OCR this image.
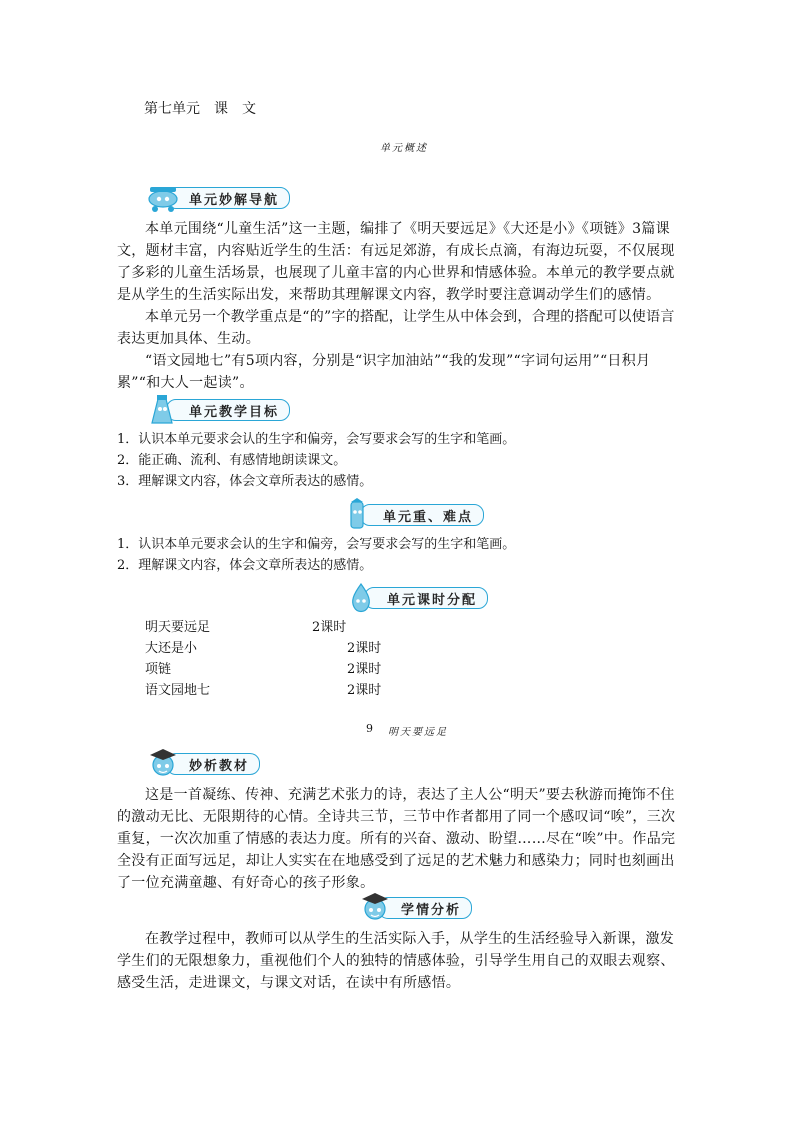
第七单元　课　文
单元概述
单元妙解导航
本单元围绕“儿童生活”这一主题，编排了《明天要远足》《大还是小》《项链》3篇课文，题材丰富，内容贴近学生的生活：有远足郊游，有成长点滴，有海边玩耍，不仅展现了多彩的儿童生活场景，也展现了儿童丰富的内心世界和情感体验。本单元的教学要点就是从学生的生活实际出发，来帮助其理解课文内容，教学时要注意调动学生们的感情。
本单元另一个教学重点是“的”字的搭配，让学生从中体会到，合理的搭配可以使语言表达更加具体、生动。
“语文园地七”有5项内容，分别是“识字加油站”“我的发现”“字词句运用”“日积月累”“和大人一起读”。
单元教学目标
1．认识本单元要求会认的生字和偏旁，会写要求会写的生字和笔画。
2．能正确、流利、有感情地朗读课文。
3．理解课文内容，体会文章所表达的感情。
单元重、难点
1．认识本单元要求会认的生字和偏旁，会写要求会写的生字和笔画。
2．理解课文内容，体会文章所表达的感情。
单元课时分配
明天要远足	2课时
大还是小	2课时
项链	2课时
语文园地七	2课时
9 明天要远足
妙析教材
这是一首凝练、传神、充满艺术张力的诗，表达了主人公“明天”要去秋游而掩饰不住的激动无比、无限期待的心情。全诗共三节，三节中作者都用了同一个感叹词“唉”，三次重复，一次次加重了情感的表达力度。所有的兴奋、激动、盼望……尽在“唉”中。作品完全没有正面写远足，却让人实实在在地感受到了远足的艺术魅力和感染力；同时也刻画出了一位充满童趣、有好奇心的孩子形象。
学情分析
在教学过程中，教师可以从学生的生活实际入手，从学生的生活经验导入新课，激发学生们的无限想象力，重视他们个人的独特的情感体验，引导学生用自己的双眼去观察、感受生活，走进课文，与课文对话，在读中有所感悟。
